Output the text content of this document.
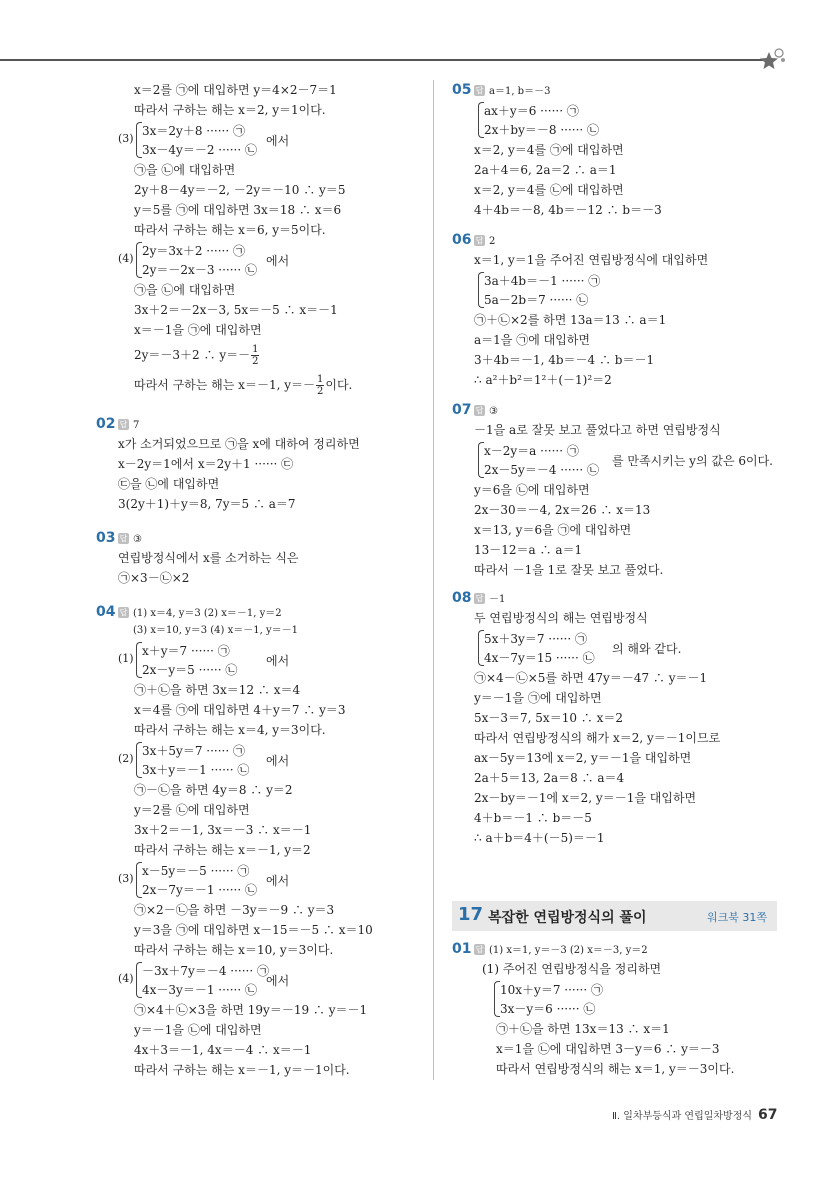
x＝2를 ㉠에 대입하면 y＝4×2－7＝1
따라서 구하는 해는 x＝2, y＝1이다.
(3)
3x＝2y＋8 ······ ㉠
3x－4y＝－2 ······ ㉡
에서
㉠을 ㉡에 대입하면
2y＋8－4y＝－2, －2y＝－10 ∴ y＝5
y＝5를 ㉠에 대입하면 3x＝18 ∴ x＝6
따라서 구하는 해는 x＝6, y＝5이다.
(4)
2y＝3x＋2 ······ ㉠
2y＝－2x－3 ······ ㉡
에서
㉠을 ㉡에 대입하면
3x＋2＝－2x－3, 5x＝－5 ∴ x＝－1
x＝－1을 ㉠에 대입하면
2y＝－3＋2 ∴ $y=- \frac{1}{2}$
따라서 구하는 해는 x＝－1, $y=- \frac{1}{2}$이다.
02 답 7
x가 소거되었으므로 ㉠을 x에 대하여 정리하면
x－2y＝1에서 x＝2y＋1 ······ ㉢
㉢을 ㉡에 대입하면
3(2y＋1)＋y＝8, 7y＝5 ∴ a＝7
03 답 ③
연립방정식에서 x를 소거하는 식은
㉠×3－㉡×2
04 답 (1) x＝4, y＝3 (2) x＝－1, y＝2
(3) x＝10, y＝3 (4) x＝－1, y＝－1
(1)
x＋y＝7 ······ ㉠
2x－y＝5 ······ ㉡
에서
㉠＋㉡을 하면 3x＝12 ∴ x＝4
x＝4를 ㉠에 대입하면 4＋y＝7 ∴ y＝3
따라서 구하는 해는 x＝4, y＝3이다.
(2)
3x＋5y＝7 ······ ㉠
3x＋y＝－1 ······ ㉡
에서
㉠－㉡을 하면 4y＝8 ∴ y＝2
y＝2를 ㉡에 대입하면
3x＋2＝－1, 3x＝－3 ∴ x＝－1
따라서 구하는 해는 x＝－1, y＝2
(3)
x－5y＝－5 ······ ㉠
2x－7y＝－1 ······ ㉡
에서
㉠×2－㉡을 하면 －3y＝－9 ∴ y＝3
y＝3을 ㉠에 대입하면 x－15＝－5 ∴ x＝10
따라서 구하는 해는 x＝10, y＝3이다.
(4)
－3x＋7y＝－4 ······ ㉠
4x－3y＝－1 ······ ㉡
에서
㉠×4＋㉡×3을 하면 19y＝－19 ∴ y＝－1
y＝－1을 ㉡에 대입하면
4x＋3＝－1, 4x＝－4 ∴ x＝－1
따라서 구하는 해는 x＝－1, y＝－1이다.
05 답 a＝1, b＝－3
ax＋y＝6 ······ ㉠
2x＋by＝－8 ······ ㉡
x＝2, y＝4를 ㉠에 대입하면
2a＋4＝6, 2a＝2 ∴ a＝1
x＝2, y＝4를 ㉡에 대입하면
4＋4b＝－8, 4b＝－12 ∴ b＝－3
06 답 2
x＝1, y＝1을 주어진 연립방정식에 대입하면
3a＋4b＝－1 ······ ㉠
5a－2b＝7 ······ ㉡
㉠＋㉡×2를 하면 13a＝13 ∴ a＝1
a＝1을 ㉠에 대입하면
3＋4b＝－1, 4b＝－4 ∴ b＝－1
∴ a²＋b²＝1²＋(－1)²＝2
07 답 ③
－1을 a로 잘못 보고 풀었다고 하면 연립방정식
x－2y＝a ······ ㉠
2x－5y＝－4 ······ ㉡
를 만족시키는 y의 값은 6이다.
y＝6을 ㉡에 대입하면
2x－30＝－4, 2x＝26 ∴ x＝13
x＝13, y＝6을 ㉠에 대입하면
13－12＝a ∴ a＝1
따라서 －1을 1로 잘못 보고 풀었다.
08 답 －1
두 연립방정식의 해는 연립방정식
5x＋3y＝7 ······ ㉠
4x－7y＝15 ······ ㉡
의 해와 같다.
㉠×4－㉡×5를 하면 47y＝－47 ∴ y＝－1
y＝－1을 ㉠에 대입하면
5x－3＝7, 5x＝10 ∴ x＝2
따라서 연립방정식의 해가 x＝2, y＝－1이므로
ax－5y＝13에 x＝2, y＝－1을 대입하면
2a＋5＝13, 2a＝8 ∴ a＝4
2x－by＝－1에 x＝2, y＝－1을 대입하면
4＋b＝－1 ∴ b＝－5
∴ a＋b＝4＋(－5)＝－1
17 복잡한 연립방정식의 풀이	워크북 31쪽
01 답 (1) x＝1, y＝－3 (2) x＝－3, y＝2
(1) 주어진 연립방정식을 정리하면
10x＋y＝7 ······ ㉠
3x－y＝6 ······ ㉡
㉠＋㉡을 하면 13x＝13 ∴ x＝1
x＝1을 ㉡에 대입하면 3－y＝6 ∴ y＝－3
따라서 연립방정식의 해는 x＝1, y＝－3이다.
Ⅱ. 일차부등식과 연립일차방정식 67
